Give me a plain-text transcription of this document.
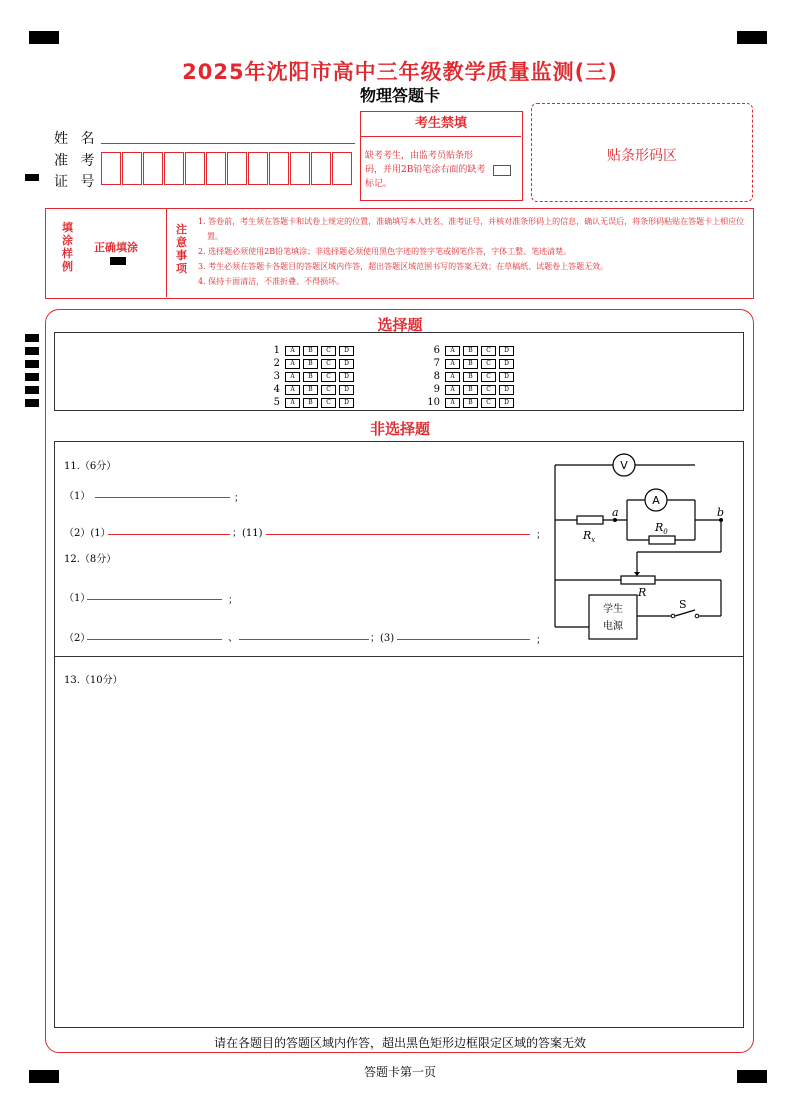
2025年沈阳市高中三年级教学质量监测(三)
物理答题卡
姓 名
准 考
证 号
考生禁填
缺考考生，由监考员贴条形码，并用2B铅笔涂右面的缺考标记。
贴条形码区
填涂样例
正确填涂
注意事项
1. 答卷前，考生须在答题卡和试卷上规定的位置，准确填写本人姓名、准考证号，并核对准条形码上的信息，确认无误后，将条形码粘贴在答题卡上相应位置。
2. 选择题必须使用2B铅笔填涂；非选择题必须使用黑色字迹的签字笔或钢笔作答，字体工整、笔迹清楚。
3. 考生必须在答题卡各题目的答题区域内作答，超出答题区域范围书写的答案无效；在草稿纸、试题卷上答题无效。
4. 保持卡面清洁，不准折叠、不得损坏。
选择题
1 A B C D
2 A B C D
3 A B C D
4 A B C D
5 A B C D
6 A B C D
7 A B C D
8 A B C D
9 A B C D
10 A B C D
非选择题
11.（6分）
（1）	；
（2）(1）	；(11)	；
12.（8分）
（1）	；
（2）	、	；(3)	；
V
A
$R_x$
$R_0$
a	b
R
S
学生
电源
13.（10分）
请在各题目的答题区域内作答，超出黑色矩形边框限定区域的答案无效
答题卡第一页
